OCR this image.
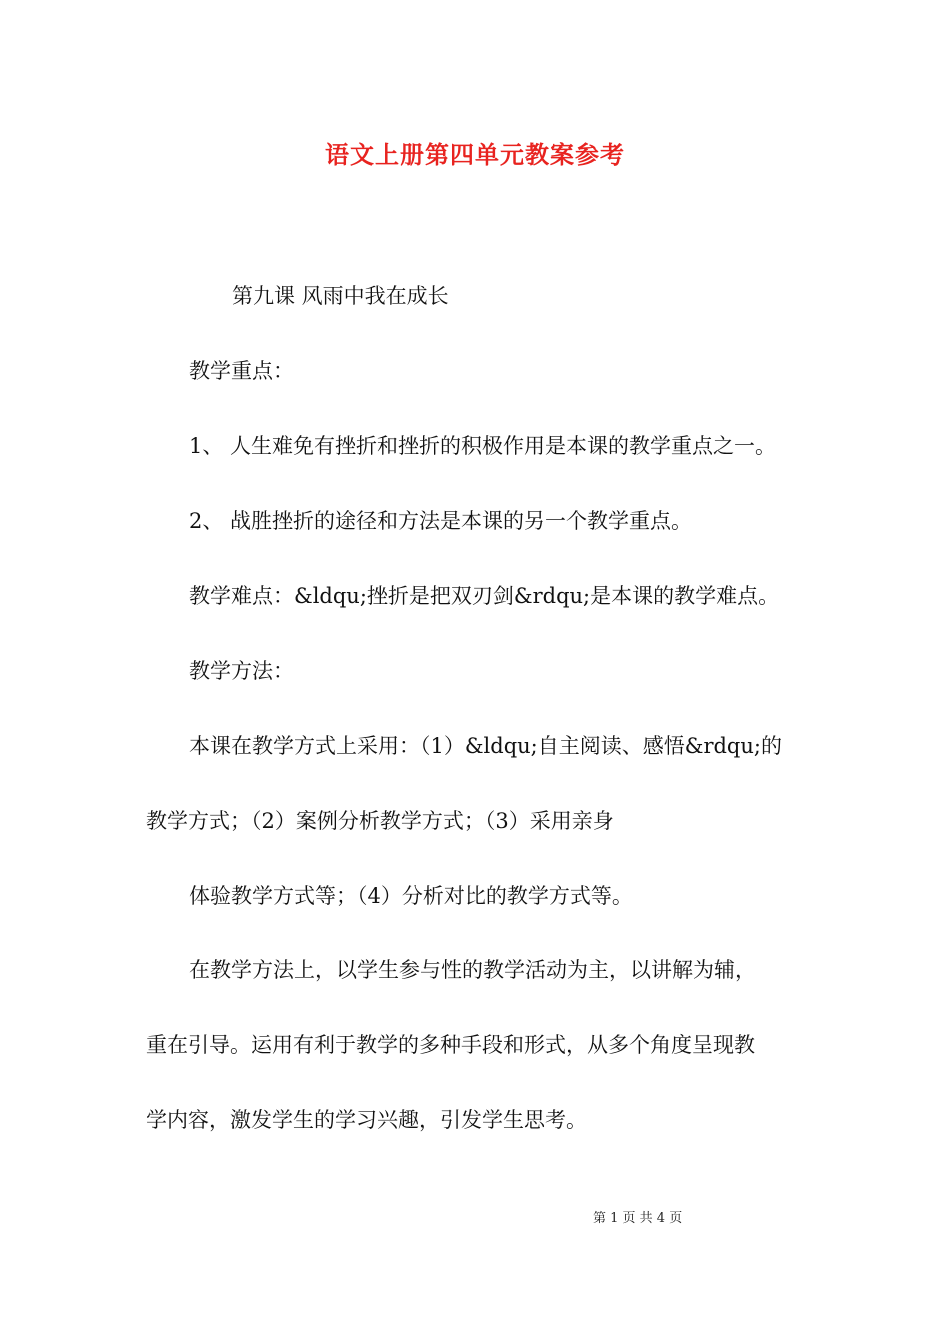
语文上册第四单元教案参考
第九课 风雨中我在成长
教学重点：
1、 人生难免有挫折和挫折的积极作用是本课的教学重点之一。
2、 战胜挫折的途径和方法是本课的另一个教学重点。
教学难点：&ldqu;挫折是把双刃剑&rdqu;是本课的教学难点。
教学方法：
本课在教学方式上采用：（1）&ldqu;自主阅读、感悟&rdqu;的
教学方式；（2）案例分析教学方式；（3）采用亲身
体验教学方式等；（4）分析对比的教学方式等。
在教学方法上，以学生参与性的教学活动为主，以讲解为辅，
重在引导。运用有利于教学的多种手段和形式，从多个角度呈现教
学内容，激发学生的学习兴趣，引发学生思考。
第 1 页 共 4 页
